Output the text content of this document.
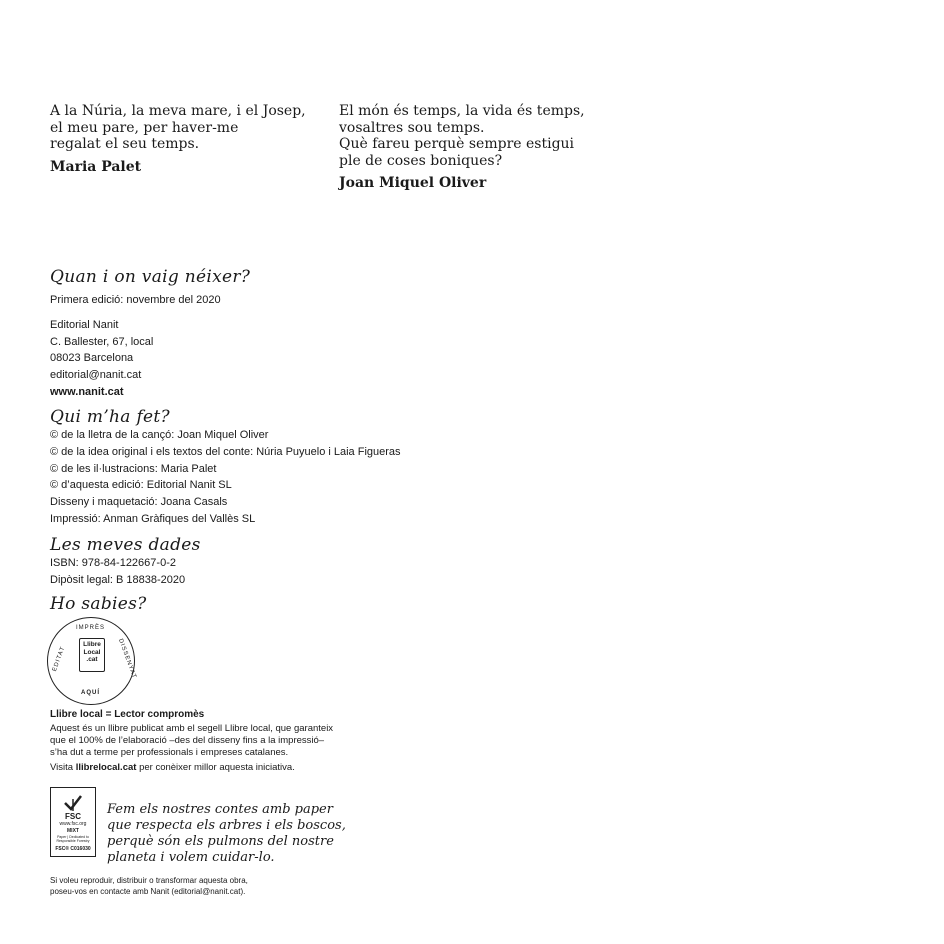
A la Núria, la meva mare, i el Josep,
el meu pare, per haver-me
regalat el seu temps.
Maria Palet
El món és temps, la vida és temps,
vosaltres sou temps.
Què fareu perquè sempre estigui
ple de coses boniques?
Joan Miquel Oliver
Quan i on vaig néixer?
Primera edició: novembre del 2020
Editorial Nanit
C. Ballester, 67, local
08023 Barcelona
editorial@nanit.cat
www.nanit.cat
Qui m’ha fet?
© de la lletra de la cançó: Joan Miquel Oliver
© de la idea original i els textos del conte: Núria Puyuelo i Laia Figueras
© de les il·lustracions: Maria Palet
© d’aquesta edició: Editorial Nanit SL
Disseny i maquetació: Joana Casals
Impressió: Anman Gràfiques del Vallès SL
Les meves dades
ISBN: 978-84-122667-0-2
Dipòsit legal: B 18838-2020
Ho sabies?
IMPRÈS
EDITAT	DISSENYAT
AQUÍ
Llibre
Local
.cat
Llibre local = Lector compromès
Aquest és un llibre publicat amb el segell Llibre local, que garanteix
que el 100% de l’elaboració –des del disseny fins a la impressió–
s’ha dut a terme per professionals i empreses catalanes.
Visita llibrelocal.cat per conèixer millor aquesta iniciativa.
FSC
www.fsc.org
MIXT
Paper | Dedicated to Responsible Forestry
FSC® C016030
Fem els nostres contes amb paper
que respecta els arbres i els boscos,
perquè són els pulmons del nostre
planeta i volem cuidar-lo.
Si voleu reproduir, distribuir o transformar aquesta obra,
poseu-vos en contacte amb Nanit (editorial@nanit.cat).
